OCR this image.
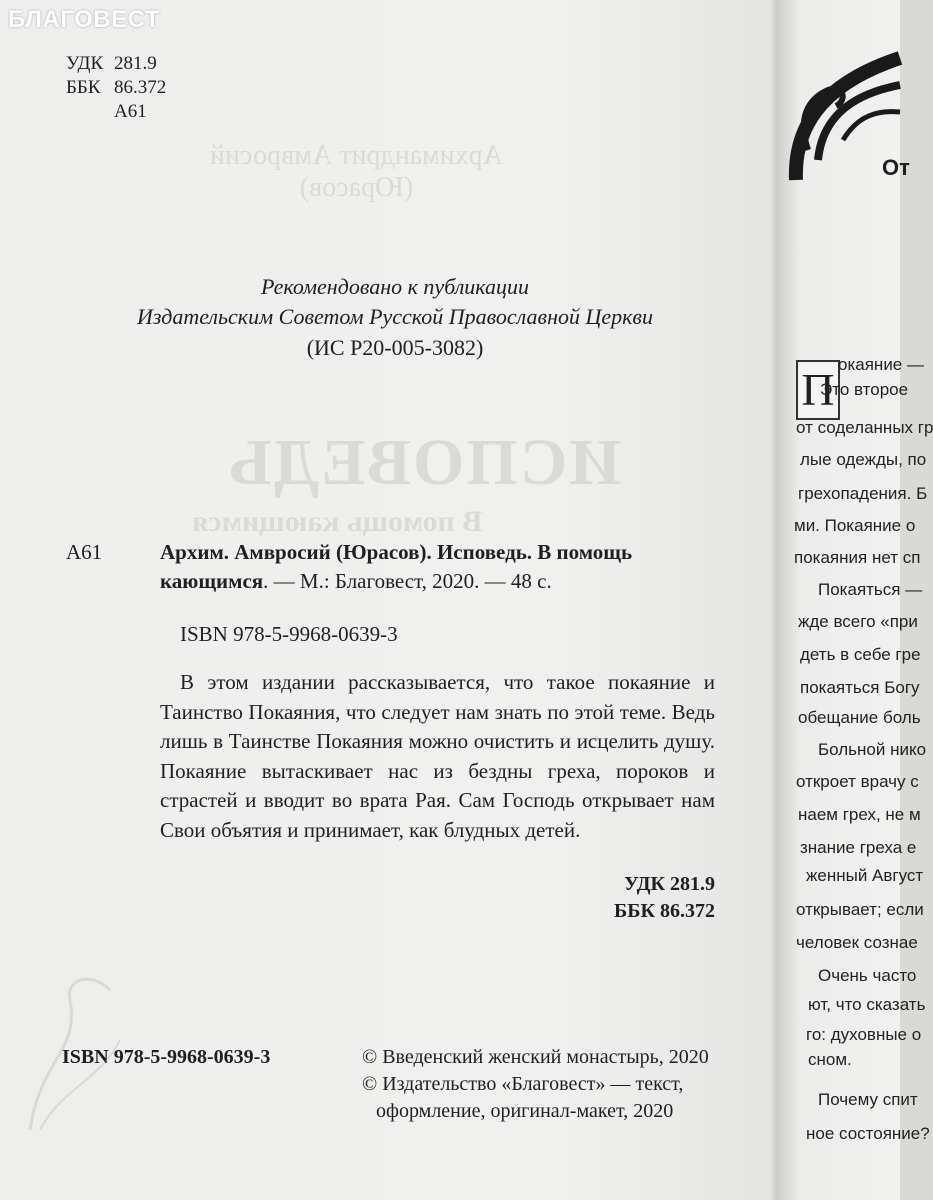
БЛАГОВЕСТ
Архимандрит Амвросий
(Юрасов)
ИСПОВЕДЬ
В помощь кающимся
УДК 281.9
ББК 86.372
А61
Рекомендовано к публикации
Издательским Советом Русской Православной Церкви
(ИС Р20-005-3082)
А61	Архим. Амвросий (Юрасов). Исповедь. В помощь
кающимся. — М.: Благовест, 2020. — 48 с.
ISBN 978-5-9968-0639-3
В этом издании рассказывается, что такое покаяние и Таинство Покаяния, что следует нам знать по этой теме. Ведь лишь в Таинстве Покаяния можно очистить и исцелить душу. Покаяние вытаскивает нас из бездны греха, пороков и страстей и вводит во врата Рая. Сам Господь открывает нам Свои объятия и принимает, как блудных детей.
УДК 281.9
ББК 86.372
ISBN 978-5-9968-0639-3	© Введенский женский монастырь, 2020
© Издательство «Благовест» — текст,
оформление, оригинал-макет, 2020
От
П окаяние —
Это второе
от соделанных гр
лые одежды, по
грехопадения. Б
ми. Покаяние о
покаяния нет сп
Покаяться —
жде всего «при
деть в себе гре
покаяться Богу
обещание боль
Больной нико
откроет врачу с
наем грех, не м
знание греха е
женный Август
открывает; если
человек сознае
Очень часто
ют, что сказать
го: духовные о
сном.
Почему спит
ное состояние?
